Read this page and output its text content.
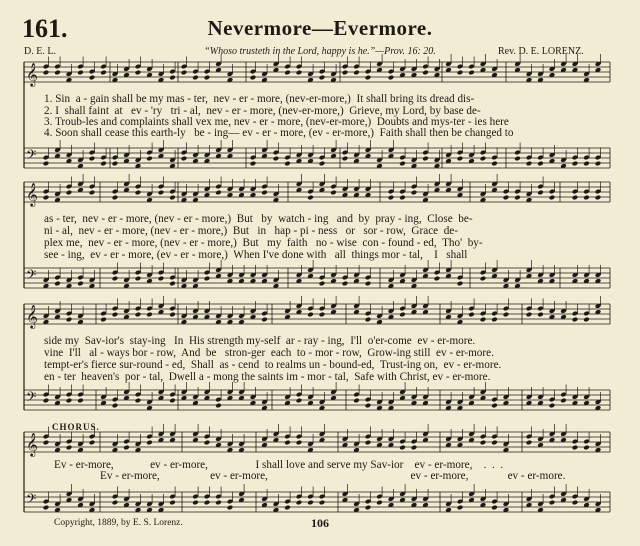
161.	Nevermore—Evermore.
D. E. L.	“Whoso trusteth in the Lord, happy is he.”—Prov. 16: 20.	Rev. D. E. LORENZ.
𝄞
𝄢
𝄞
𝄢
𝄞
𝄢
𝄞
𝄢
1. Sin  a - gain shall be my mas - ter,  nev - er - more, (nev-er-more,)  It shall bring its dread dis-
2. I  shall faint  at   ev - 'ry   tri - al,  nev - er - more, (nev-er-more,)  Grieve, my Lord, by base de-
3. Troub-les and complaints shall vex me, nev - er - more, (nev-er-more,)  Doubts and mys-ter - ies here
4. Soon shall cease this earth-ly   be - ing— ev - er - more, (ev - er-more,)  Faith shall then be changed to
as - ter,  nev - er - more, (nev - er - more,)  But   by  watch - ing   and  by  pray - ing,  Close  be-
ni - al,  nev - er - more, (nev - er - more,)  But   in   hap - pi - ness   or   sor - row,  Grace  de-
plex me,  nev - er - more, (nev - er - more,)  But   my  faith   no - wise  con - found - ed,  Tho'  by-
see - ing,  ev - er - more, (ev - er - more,)  When I've done with   all  things mor - tal,    I   shall
side my  Sav-ior's  stay-ing   In  His strength my-self  ar - ray - ing,  I'll  o'er-come  ev - er-more.
vine  I'll   al - ways bor - row,  And  be   stron-ger  each  to - mor - row,  Grow-ing still  ev - er-more.
tempt-er's fierce sur-round - ed,  Shall  as - cend  to realms un - bound-ed,  Trust-ing on,  ev - er-more.
en - ter  heaven's  por - tal,  Dwell a - mong the saints im - mor - tal,  Safe with Christ, ev - er-more.
CHORUS.
Ev - er-more,             ev - er-more,                 I shall love and serve my Sav-ior    ev - er-more,    .  .  .
Ev - er-more,                  ev - er-more,                                                   ev - er-more,              ev - er-more.
Copyright, 1889, by E. S. Lorenz.	106
